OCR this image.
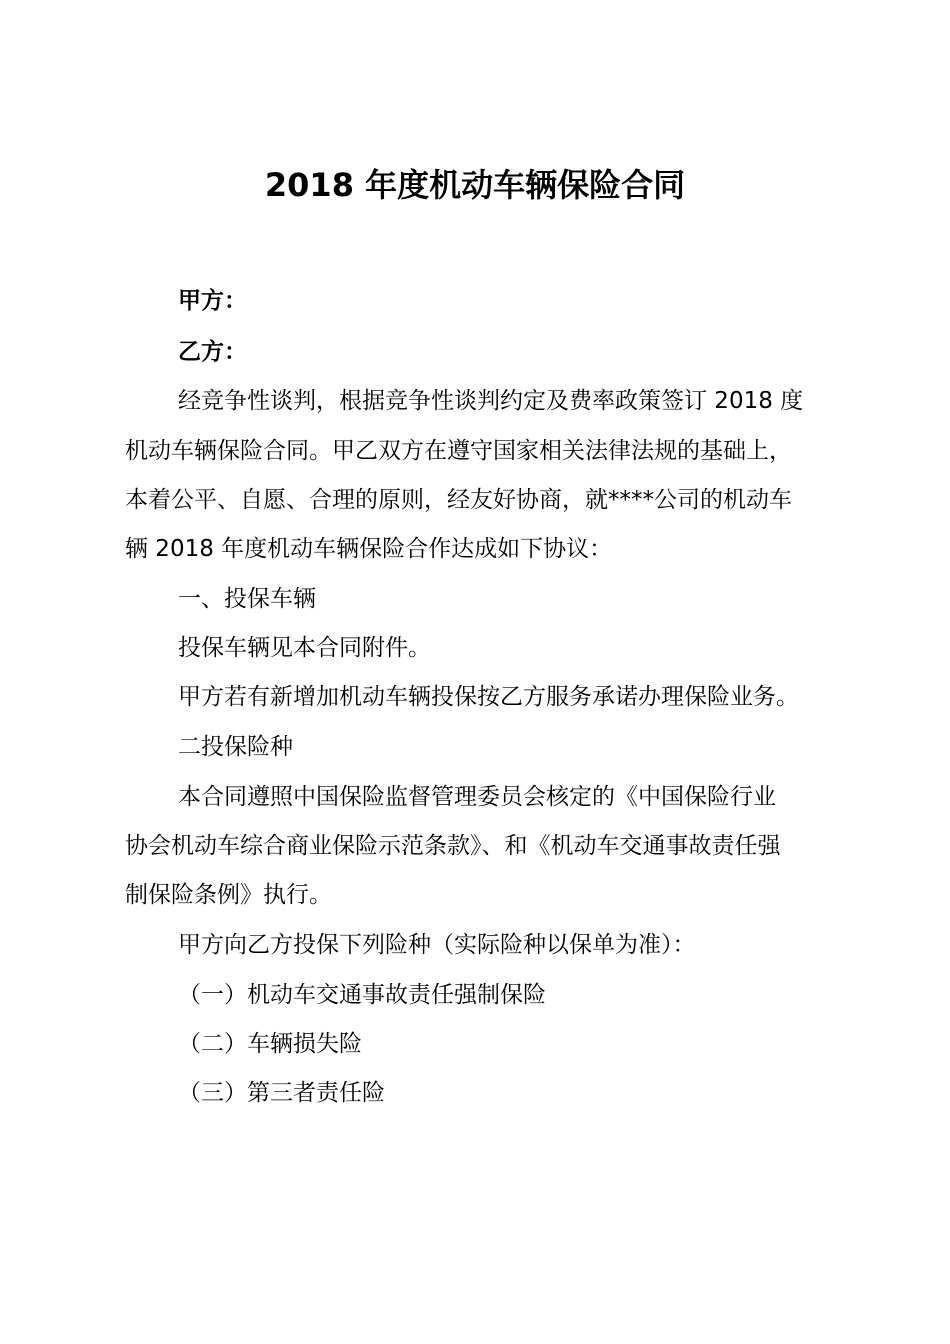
2018 年度机动车辆保险合同

甲方：

乙方：

经竞争性谈判，根据竞争性谈判约定及费率政策签订 2018 度

机动车辆保险合同。甲乙双方在遵守国家相关法律法规的基础上，

本着公平、自愿、合理的原则，经友好协商，就****公司的机动车

辆 2018 年度机动车辆保险合作达成如下协议：

一、投保车辆

投保车辆见本合同附件。

甲方若有新增加机动车辆投保按乙方服务承诺办理保险业务。

二投保险种

本合同遵照中国保险监督管理委员会核定的《中国保险行业

协会机动车综合商业保险示范条款》、和《机动车交通事故责任强

制保险条例》执行。

甲方向乙方投保下列险种（实际险种以保单为准）：

（一）机动车交通事故责任强制保险

（二）车辆损失险

（三）第三者责任险
